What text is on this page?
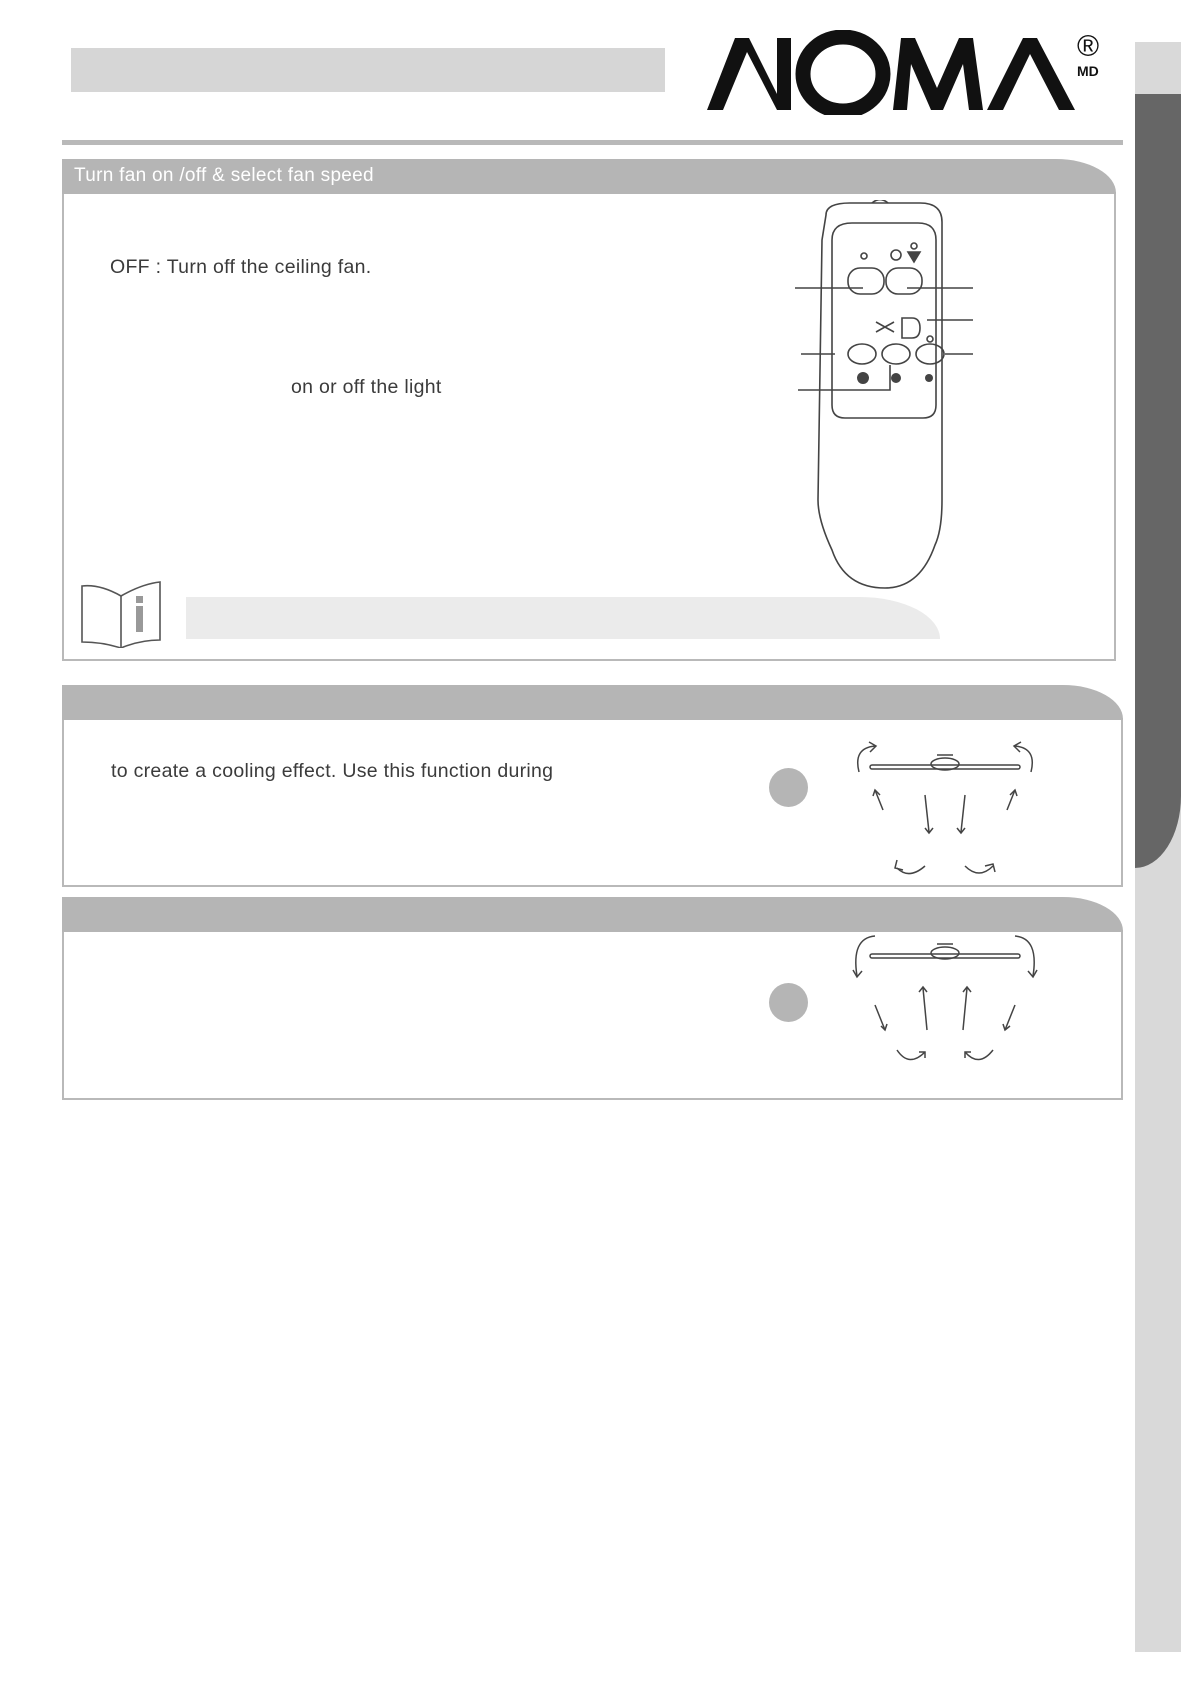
®
MD
Turn fan on /off & select fan speed
OFF : Turn off the ceiling fan.
on or off the light
to create a cooling effect. Use this function during
